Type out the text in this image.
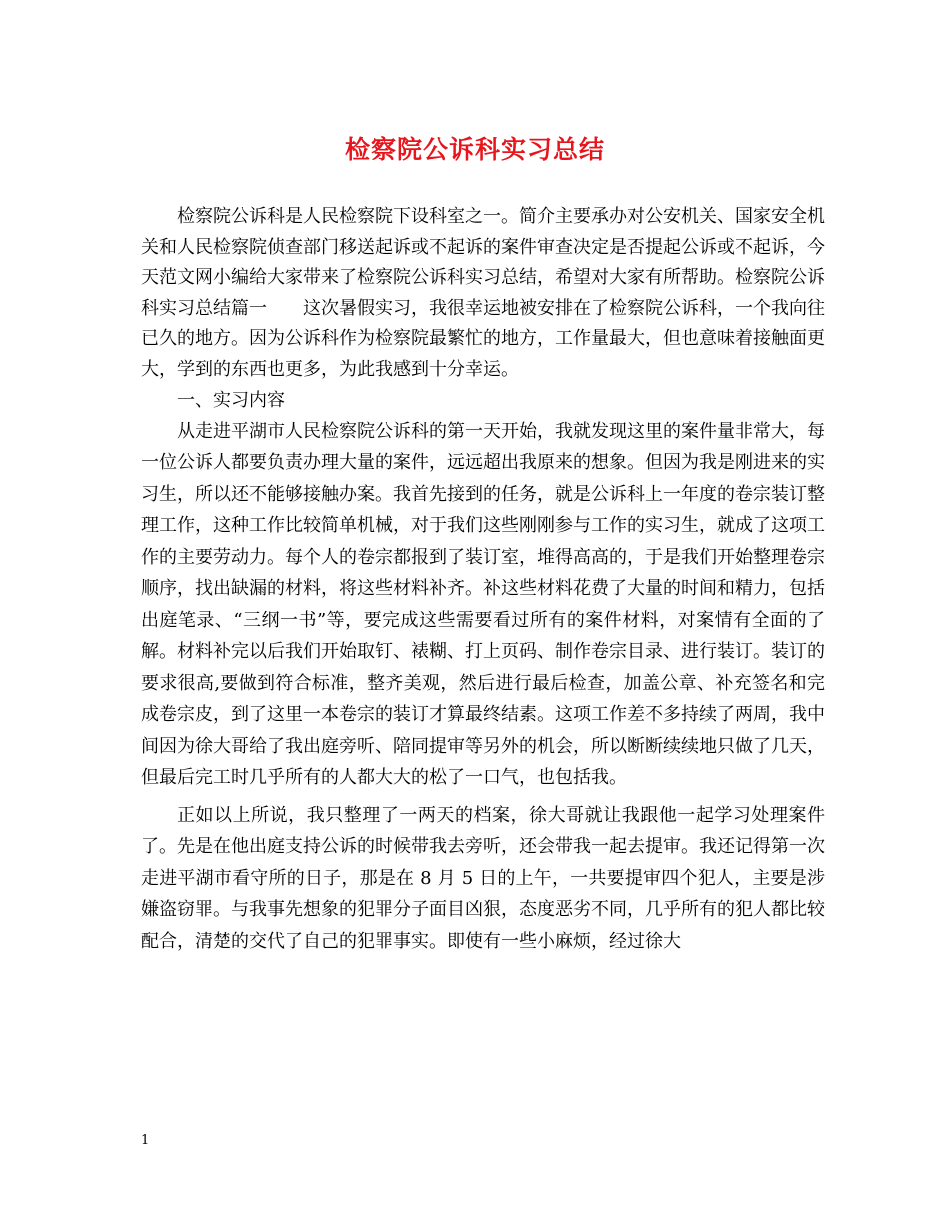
检察院公诉科实习总结

检察院公诉科是人民检察院下设科室之一。简介主要承办对公安机关、国家安全机关和人民检察院侦查部门移送起诉或不起诉的案件审查决定是否提起公诉或不起诉，今天范文网小编给大家带来了检察院公诉科实习总结，希望对大家有所帮助。检察院公诉科实习总结篇一　　这次暑假实习，我很幸运地被安排在了检察院公诉科，一个我向往已久的地方。因为公诉科作为检察院最繁忙的地方，工作量最大，但也意味着接触面更大，学到的东西也更多，为此我感到十分幸运。

一、实习内容

从走进平湖市人民检察院公诉科的第一天开始，我就发现这里的案件量非常大，每一位公诉人都要负责办理大量的案件，远远超出我原来的想象。但因为我是刚进来的实习生，所以还不能够接触办案。我首先接到的任务，就是公诉科上一年度的卷宗装订整理工作，这种工作比较简单机械，对于我们这些刚刚参与工作的实习生，就成了这项工作的主要劳动力。每个人的卷宗都报到了装订室，堆得高高的，于是我们开始整理卷宗顺序，找出缺漏的材料，将这些材料补齐。补这些材料花费了大量的时间和精力，包括出庭笔录、“三纲一书”等，要完成这些需要看过所有的案件材料，对案情有全面的了解。材料补完以后我们开始取钉、裱糊、打上页码、制作卷宗目录、进行装订。装订的要求很高,要做到符合标准，整齐美观，然后进行最后检查，加盖公章、补充签名和完成卷宗皮，到了这里一本卷宗的装订才算最终结素。这项工作差不多持续了两周，我中间因为徐大哥给了我出庭旁听、陪同提审等另外的机会，所以断断续续地只做了几天，但最后完工时几乎所有的人都大大的松了一口气，也包括我。

正如以上所说，我只整理了一两天的档案，徐大哥就让我跟他一起学习处理案件了。先是在他出庭支持公诉的时候带我去旁听，还会带我一起去提审。我还记得第一次走进平湖市看守所的日子，那是在 8 月 5 日的上午，一共要提审四个犯人，主要是涉嫌盗窃罪。与我事先想象的犯罪分子面目凶狠，态度恶劣不同，几乎所有的犯人都比较配合，清楚的交代了自己的犯罪事实。即使有一些小麻烦，经过徐大

1
